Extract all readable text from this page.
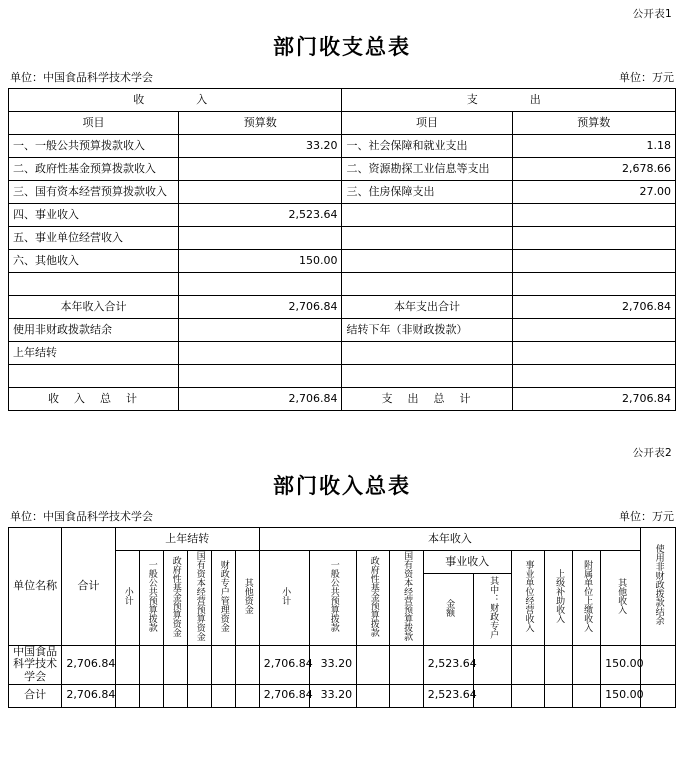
公开表1
部门收支总表
单位：中国食品科学技术学会	单位：万元
收　　入		支　　出	
项目	预算数	项目	预算数
一、一般公共预算拨款收入	33.20	一、社会保障和就业支出	1.18
二、政府性基金预算拨款收入		二、资源勘探工业信息等支出	2,678.66
三、国有资本经营预算拨款收入		三、住房保障支出	27.00
四、事业收入	2,523.64		
五、事业单位经营收入			
六、其他收入	150.00		

本年收入合计	2,706.84	本年支出合计	2,706.84
使用非财政拨款结余		结转下年（非财政拨款）	
上年结转			

收　入　总　计	2,706.84	支　出　总　计	2,706.84
公开表2
部门收入总表
单位：中国食品科学技术学会	单位：万元
单位名称	合计	上年结转						本年收入										使用非财政拨款结余
		小计	一般公共预算拨款	政府性基金预算资金	国有资本经营预算资金	财政专户管理资金	其他资金	小计	一般公共预算拨款	政府性基金预算拨款	国有资本经营预算拨款	事业收入		事业单位经营收入	上级补助收入	附属单位上缴收入	其他收入	
												金额	其中：财政专户					

中国食品科学技术学会	2,706.84							2,706.84	33.20			2,523.64					150.00	
合计	2,706.84							2,706.84	33.20			2,523.64					150.00	
